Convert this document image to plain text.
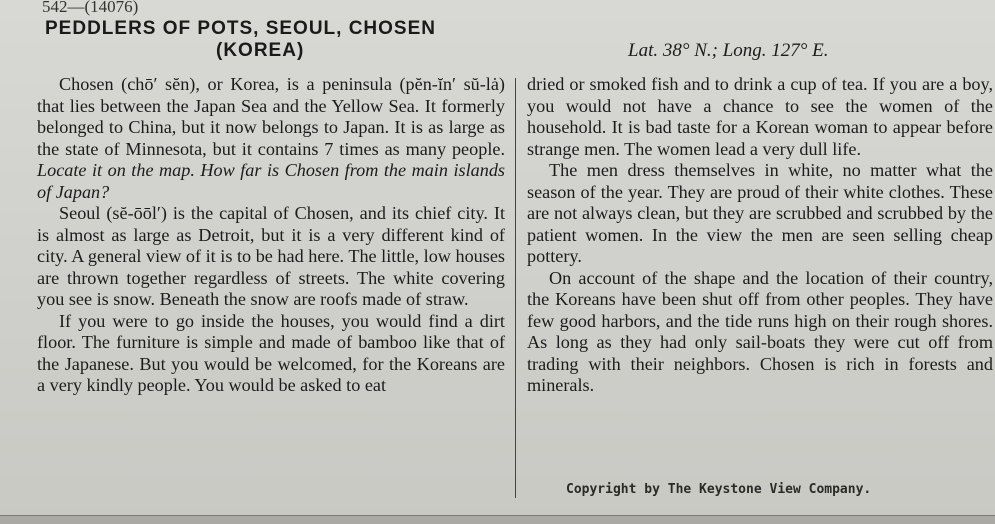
542—(14076)
PEDDLERS OF POTS, SEOUL, CHOSEN
(KOREA)	Lat. 38° N.; Long. 127° E.

Chosen (chō′ sĕn), or Korea, is a peninsula (pĕn-ĭn′ sŭ-lȧ) that lies between the Japan Sea and the Yellow Sea. It formerly belonged to China, but it now belongs to Japan. It is as large as the state of Minnesota, but it contains 7 times as many people. Locate it on the map. How far is Chosen from the main islands of Japan?

Seoul (sĕ-ōōl′) is the capital of Chosen, and its chief city. It is almost as large as Detroit, but it is a very different kind of city. A general view of it is to be had here. The little, low houses are thrown together regardless of streets. The white covering you see is snow. Beneath the snow are roofs made of straw.

If you were to go inside the houses, you would find a dirt floor. The furniture is simple and made of bamboo like that of the Japanese. But you would be welcomed, for the Koreans are a very kindly people. You would be asked to eat

dried or smoked fish and to drink a cup of tea. If you are a boy, you would not have a chance to see the women of the household. It is bad taste for a Korean woman to appear before strange men. The women lead a very dull life.

The men dress themselves in white, no matter what the season of the year. They are proud of their white clothes. These are not always clean, but they are scrubbed and scrubbed by the patient women. In the view the men are seen selling cheap pottery.

On account of the shape and the location of their country, the Koreans have been shut off from other peoples. They have few good harbors, and the tide runs high on their rough shores. As long as they had only sail-boats they were cut off from trading with their neighbors. Chosen is rich in forests and minerals.

Copyright by The Keystone View Company.
